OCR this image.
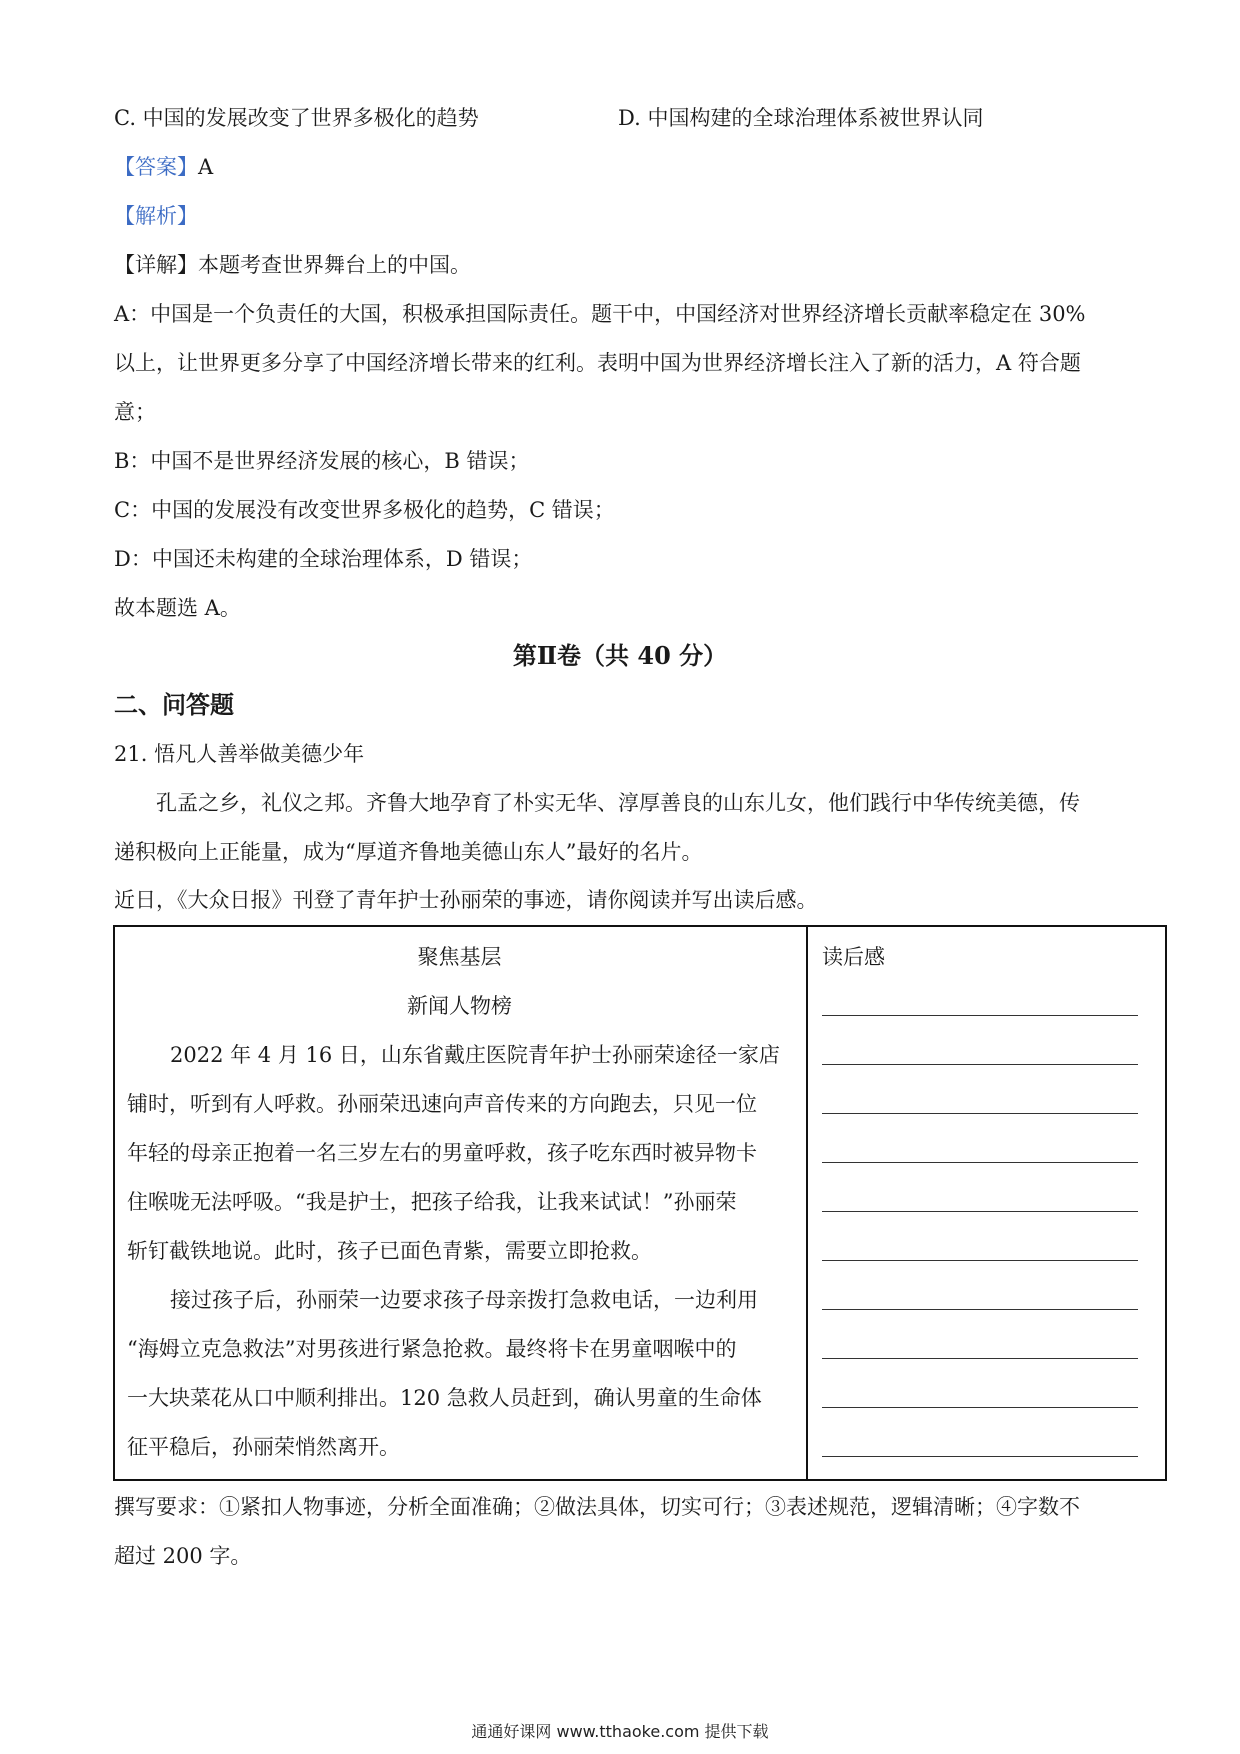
C. 中国的发展改变了世界多极化的趋势	D. 中国构建的全球治理体系被世界认同
【答案】A
【解析】
【详解】本题考查世界舞台上的中国。
A：中国是一个负责任的大国，积极承担国际责任。题干中，中国经济对世界经济增长贡献率稳定在 30%
以上，让世界更多分享了中国经济增长带来的红利。表明中国为世界经济增长注入了新的活力，A 符合题
意；
B：中国不是世界经济发展的核心，B 错误；
C：中国的发展没有改变世界多极化的趋势，C 错误；
D：中国还未构建的全球治理体系，D 错误；
故本题选 A。
第Ⅱ卷（共 40 分）
二、问答题
21. 悟凡人善举做美德少年
孔孟之乡，礼仪之邦。齐鲁大地孕育了朴实无华、淳厚善良的山东儿女，他们践行中华传统美德，传
递积极向上正能量，成为“厚道齐鲁地美德山东人”最好的名片。
近日，《大众日报》刊登了青年护士孙丽荣的事迹，请你阅读并写出读后感。
聚焦基层
新闻人物榜
2022 年 4 月 16 日，山东省戴庄医院青年护士孙丽荣途径一家店
铺时，听到有人呼救。孙丽荣迅速向声音传来的方向跑去，只见一位
年轻的母亲正抱着一名三岁左右的男童呼救，孩子吃东西时被异物卡
住喉咙无法呼吸。“我是护士，把孩子给我，让我来试试！”孙丽荣
斩钉截铁地说。此时，孩子已面色青紫，需要立即抢救。
接过孩子后，孙丽荣一边要求孩子母亲拨打急救电话，一边利用
“海姆立克急救法”对男孩进行紧急抢救。最终将卡在男童咽喉中的
一大块菜花从口中顺利排出。120 急救人员赶到，确认男童的生命体
征平稳后，孙丽荣悄然离开。
读后感
撰写要求：①紧扣人物事迹，分析全面准确；②做法具体，切实可行；③表述规范，逻辑清晰；④字数不
超过 200 字。
通通好课网 www.tthaoke.com 提供下载
